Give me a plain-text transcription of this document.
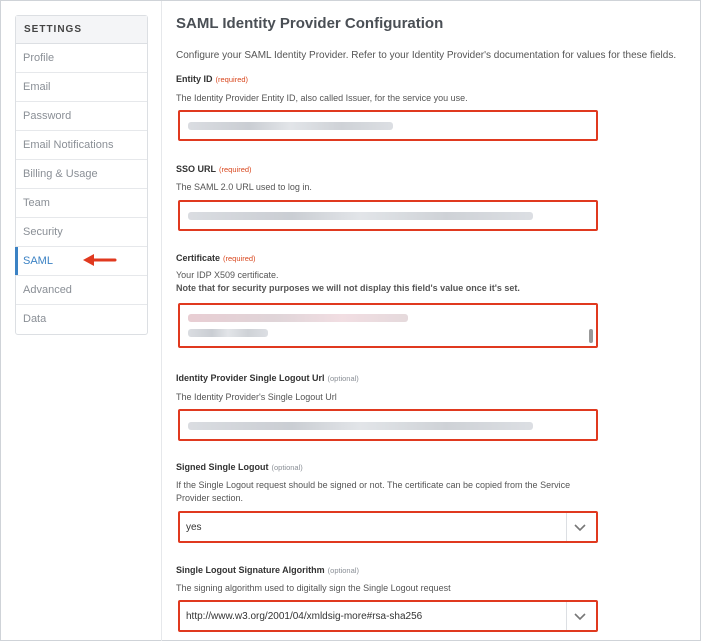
SETTINGS
Profile
Email
Password
Email Notifications
Billing & Usage
Team
Security
SAML
Advanced
Data
SAML Identity Provider Configuration
Configure your SAML Identity Provider. Refer to your Identity Provider's documentation for values for these fields.
Entity ID (required)
The Identity Provider Entity ID, also called Issuer, for the service you use.
SSO URL (required)
The SAML 2.0 URL used to log in.
Certificate (required)
Your IDP X509 certificate.
Note that for security purposes we will not display this field's value once it's set.
Identity Provider Single Logout Url (optional)
The Identity Provider's Single Logout Url
Signed Single Logout (optional)
If the Single Logout request should be signed or not. The certificate can be copied from the Service Provider section.
yes
Single Logout Signature Algorithm (optional)
The signing algorithm used to digitally sign the Single Logout request
http://www.w3.org/2001/04/xmldsig-more#rsa-sha256
